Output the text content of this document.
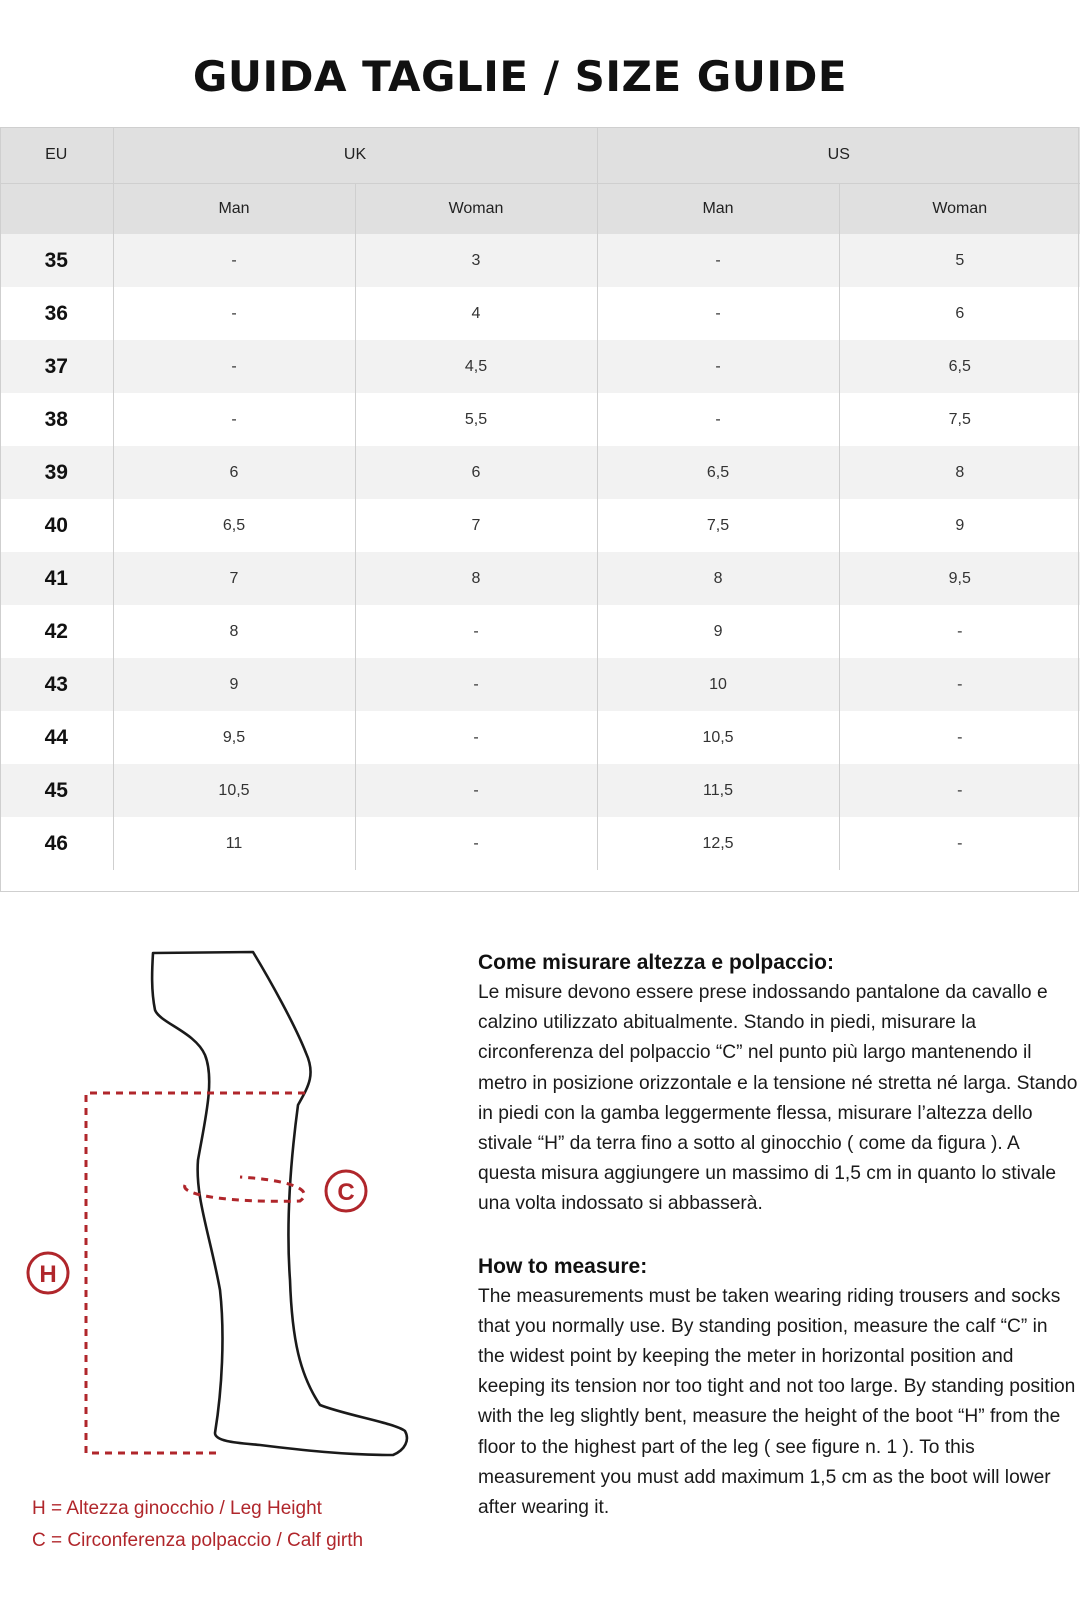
GUIDA TAGLIE / SIZE GUIDE
EU	UK		US	
	Man	Woman	Man	Woman
35	-	3	-	5
36	-	4	-	6
37	-	4,5	-	6,5
38	-	5,5	-	7,5
39	6	6	6,5	8
40	6,5	7	7,5	9
41	7	8	8	9,5
42	8	-	9	-
43	9	-	10	-
44	9,5	-	10,5	-
45	10,5	-	11,5	-
46	11	-	12,5	-
C
H
H = Altezza ginocchio / Leg Height
C = Circonferenza polpaccio / Calf girth
Come misurare altezza e polpaccio:

Le misure devono essere prese indossando pantalone da cavallo e calzino utilizzato abitualmente. Stando in piedi, misurare la circonferenza del polpaccio “C” nel punto più largo mantenendo il metro in posizione orizzontale e la tensione né stretta né larga. Stando in piedi con la gamba leggermente flessa, misurare l’altezza dello stivale “H” da terra fino a sotto al ginocchio ( come da figura ). A questa misura aggiungere un massimo di 1,5 cm in quanto lo stivale una volta indossato si abbasserà.

How to measure:

The measurements must be taken wearing riding trousers and socks that you normally use. By standing position, measure the calf “C” in the widest point by keeping the meter in horizontal position and keeping its tension nor too tight and not too large. By standing position with the leg slightly bent, measure the height of the boot “H” from the floor to the highest part of the leg ( see figure n. 1 ). To this measurement you must add maximum 1,5 cm as the boot will lower after wearing it.
